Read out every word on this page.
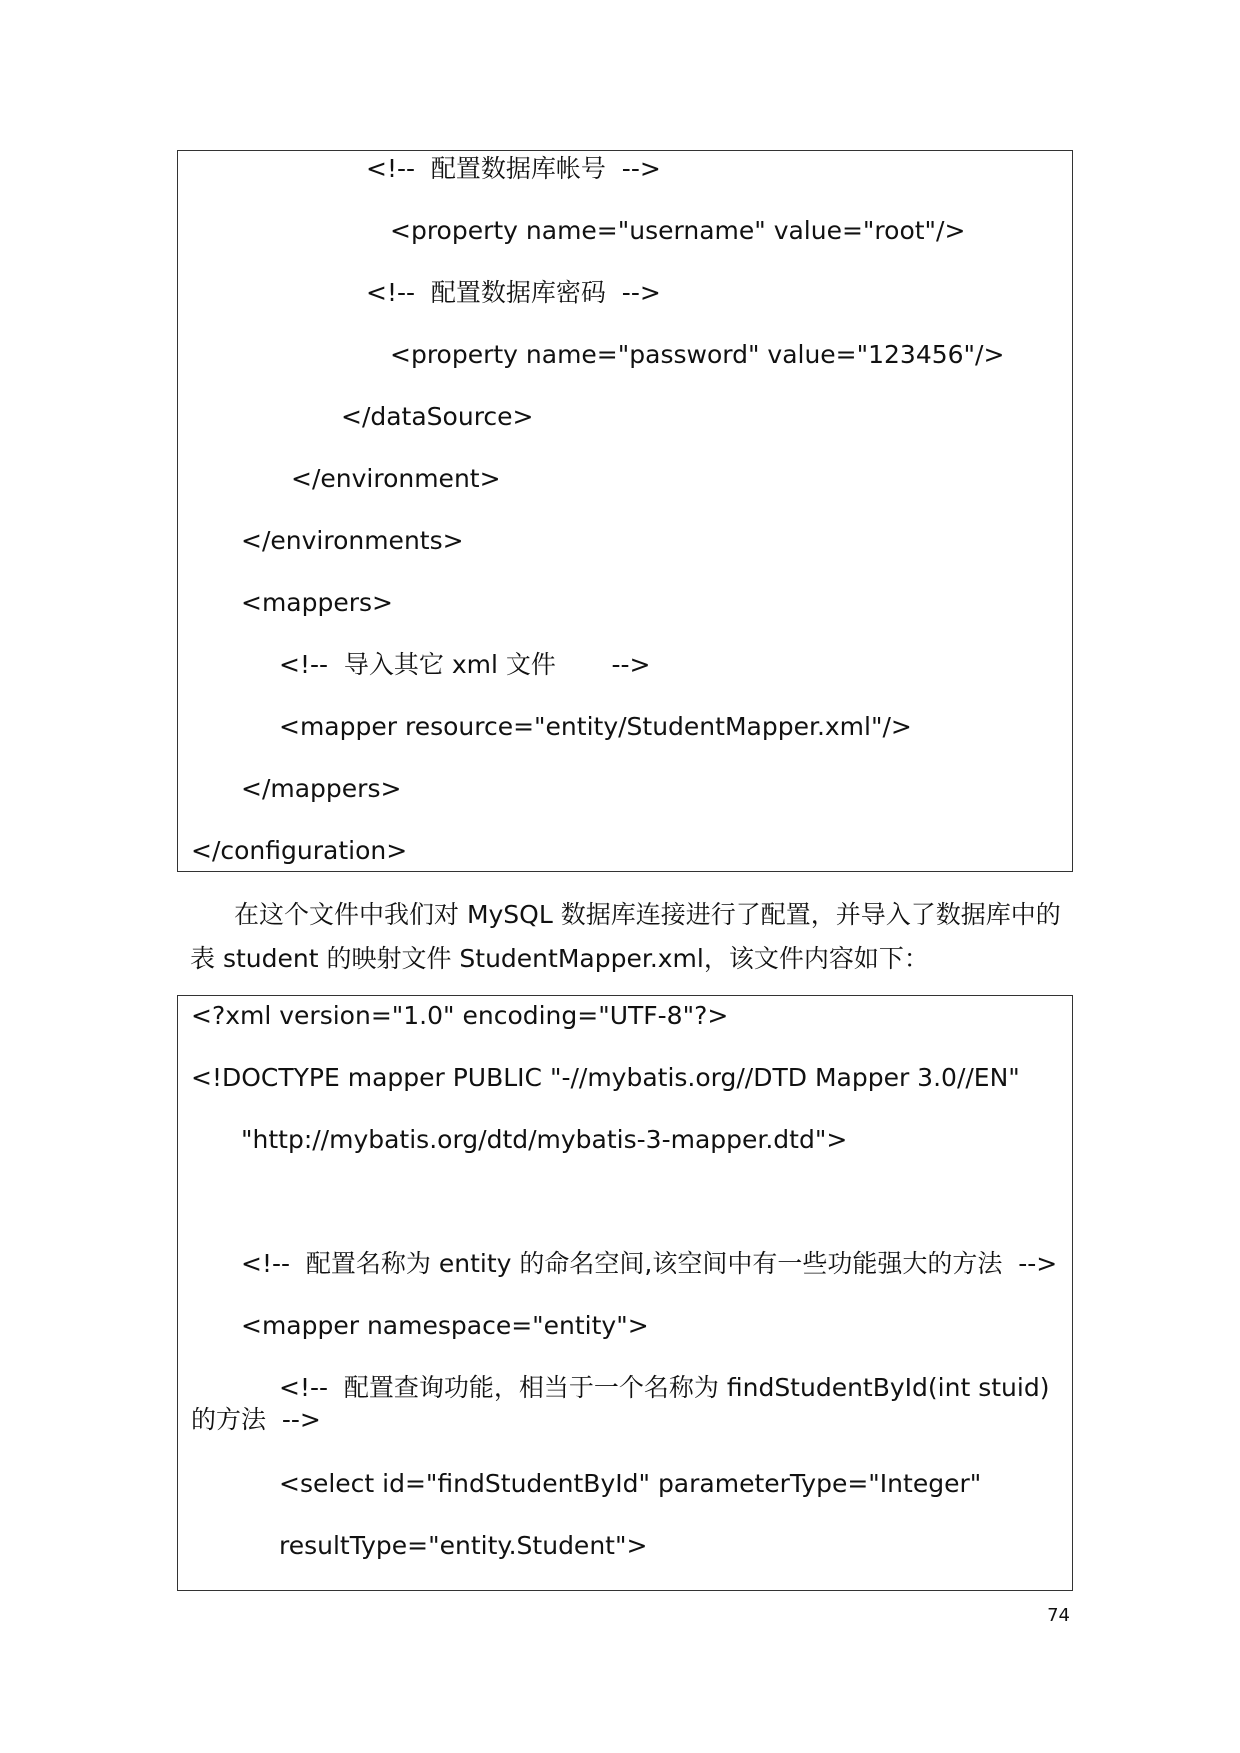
<!--  配置数据库帐号  -->
<property name="username" value="root"/>
<!--  配置数据库密码  -->
<property name="password" value="123456"/>
</dataSource>
</environment>
</environments>
<mappers>
<!--  导入其它 xml 文件       -->
<mapper resource="entity/StudentMapper.xml"/>
</mappers>
</configuration>
在这个文件中我们对 MySQL 数据库连接进行了配置，并导入了数据库中的
表 student 的映射文件 StudentMapper.xml，该文件内容如下：
<?xml version="1.0" encoding="UTF-8"?>
<!DOCTYPE mapper PUBLIC "-//mybatis.org//DTD Mapper 3.0//EN"
"http://mybatis.org/dtd/mybatis-3-mapper.dtd">
<!--  配置名称为 entity 的命名空间,该空间中有一些功能强大的方法  -->
<mapper namespace="entity">
<!--  配置查询功能，相当于一个名称为 findStudentById(int stuid)
的方法  -->
<select id="findStudentById" parameterType="Integer"
resultType="entity.Student">
74
